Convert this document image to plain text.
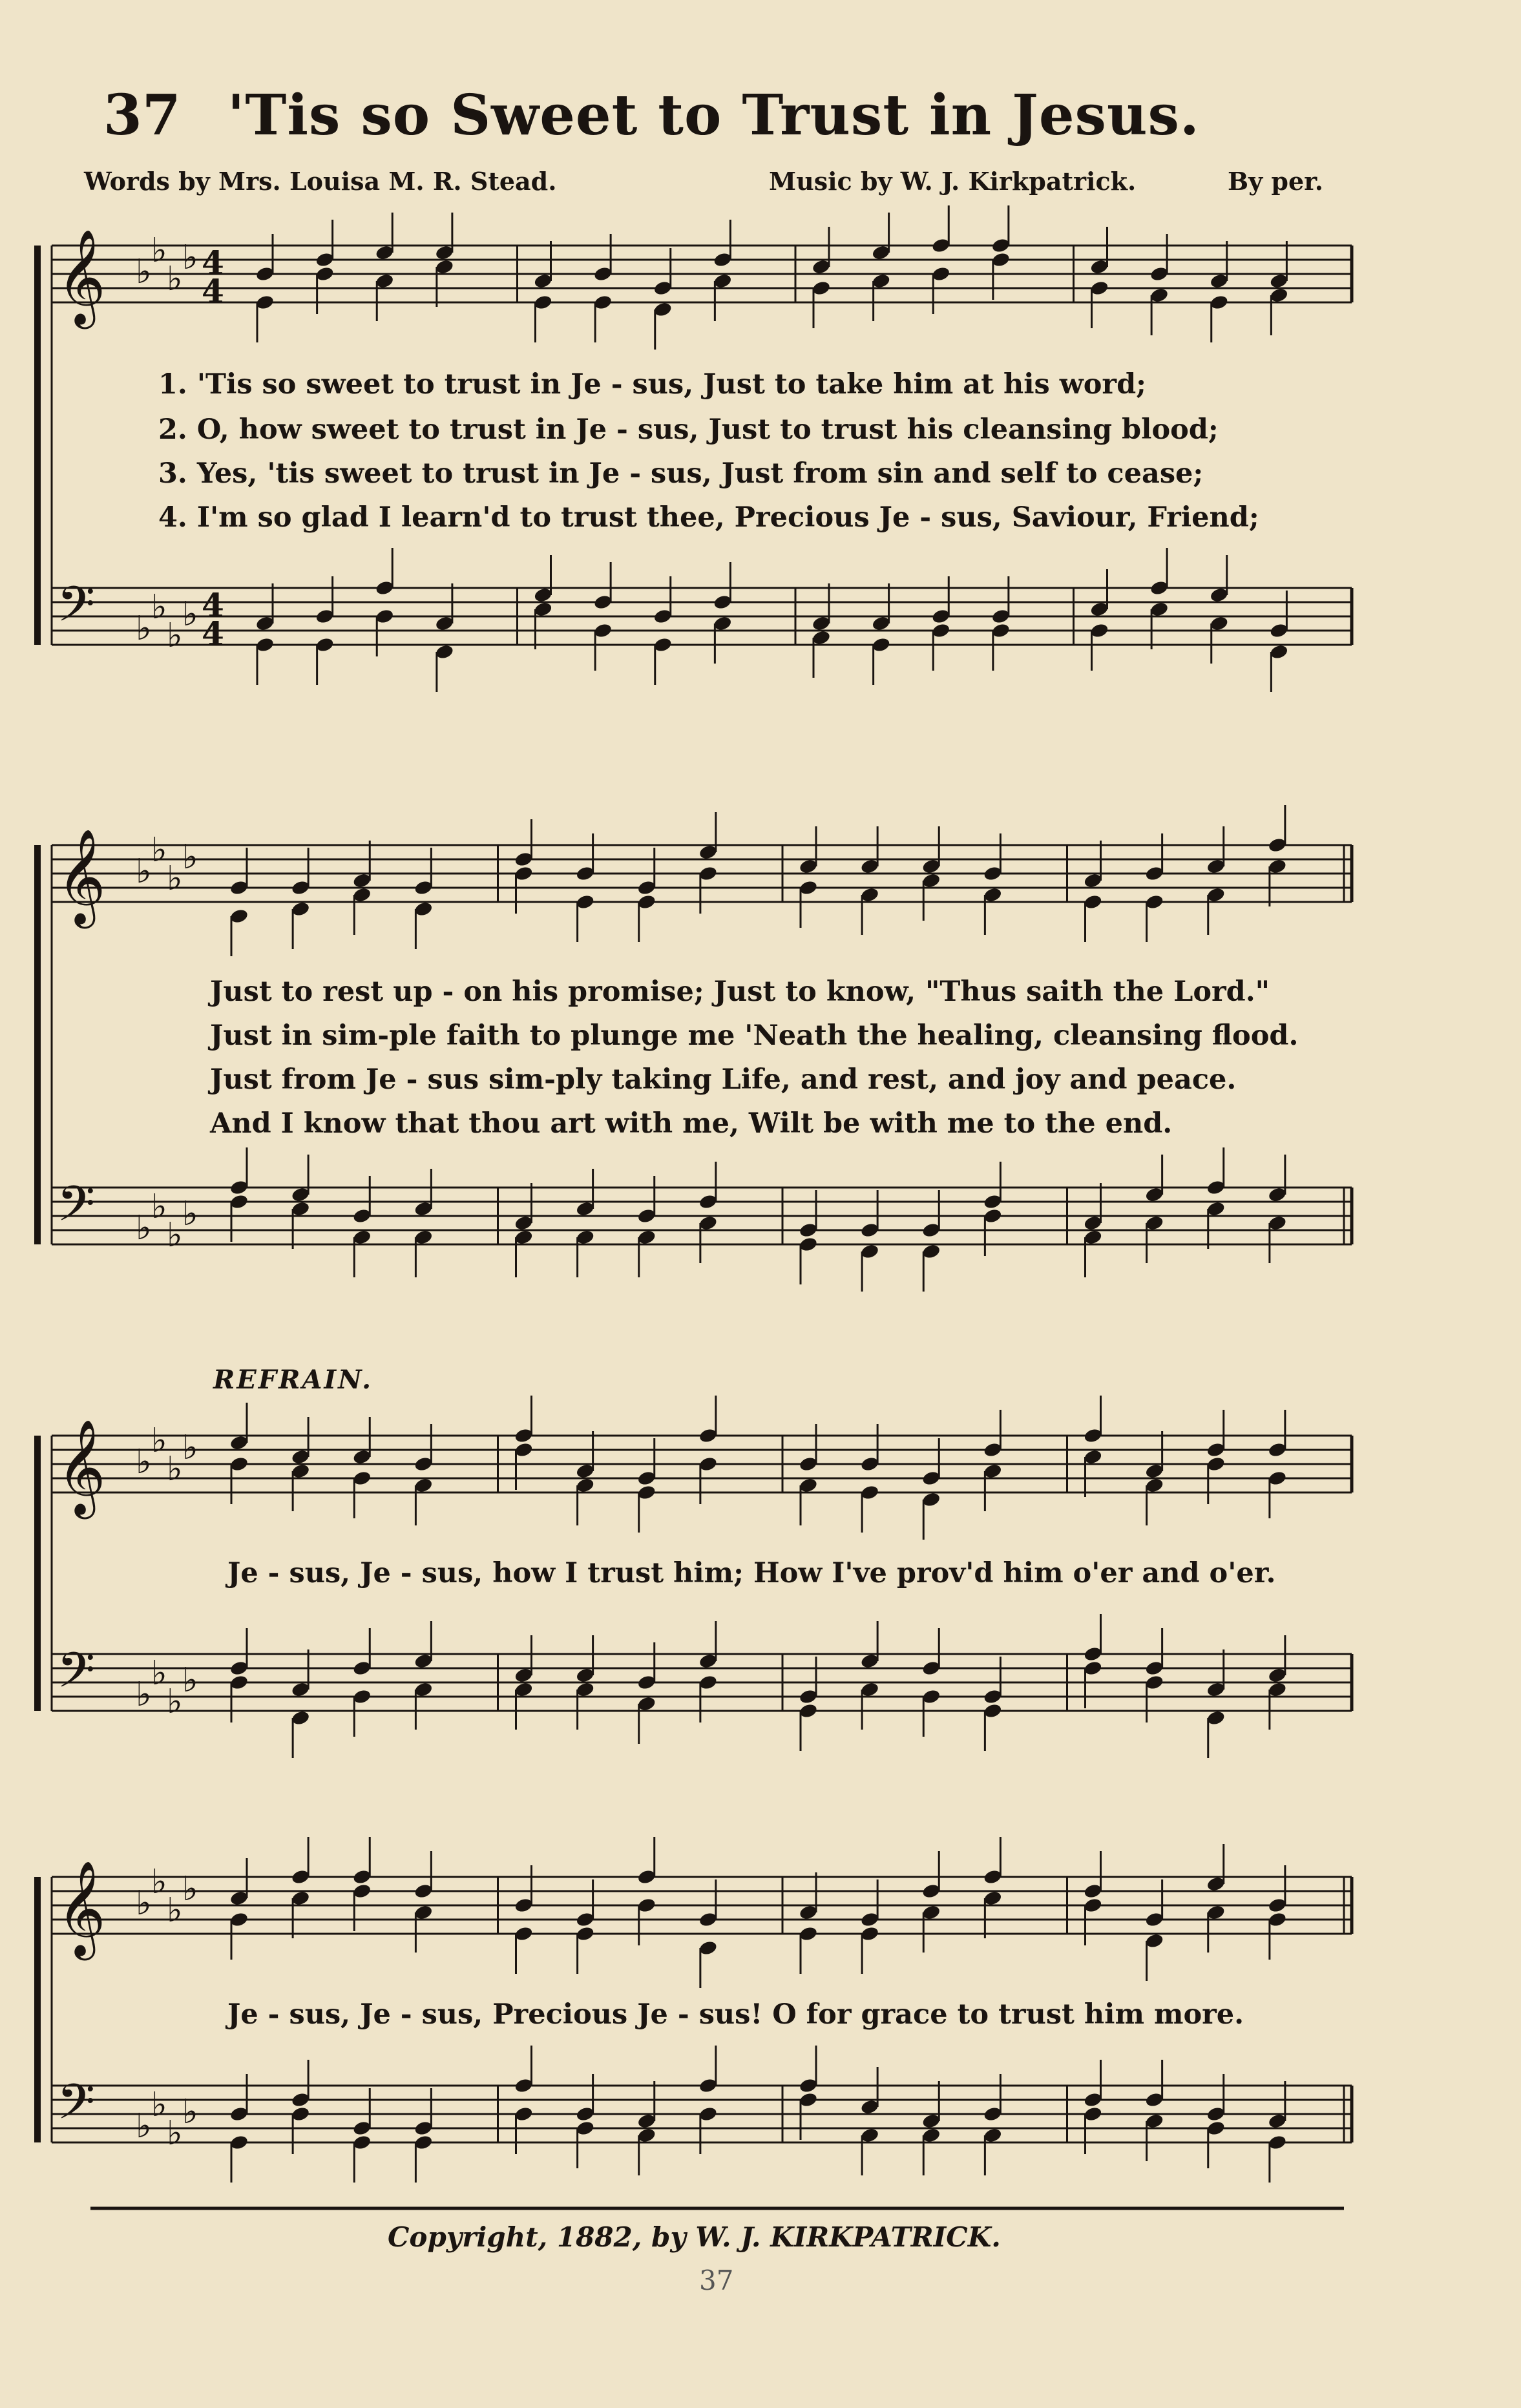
𝄞 ♭
♭
♭
♭ 4
4
𝄢 ♭
♭
♭
♭ 4
4
𝄞 ♭
♭
♭
♭
𝄢 ♭
♭
♭
♭
𝄞 ♭
♭
♭
♭
𝄢 ♭
♭
♭
♭
𝄞 ♭
♭
♭
♭
𝄢 ♭
♭
♭
♭
37 'Tis so Sweet to Trust in Jesus.
Words by Mrs. Louisa M. R. Stead.	Music by W. J. Kirkpatrick.	By per.
1. 'Tis so sweet to trust in Je - sus, Just to take him at his word;
2. O, how sweet to trust in Je - sus, Just to trust his cleansing blood;
3. Yes, 'tis sweet to trust in Je - sus, Just from sin and self to cease;
4. I'm so glad I learn'd to trust thee, Precious Je - sus, Saviour, Friend;
Just to rest up - on his promise; Just to know, "Thus saith the Lord."
Just in sim-ple faith to plunge me 'Neath the healing, cleansing flood.
Just from Je - sus sim-ply taking Life, and rest, and joy and peace.
And I know that thou art with me, Wilt be with me to the end.
REFRAIN.
Je - sus, Je - sus, how I trust him; How I've prov'd him o'er and o'er.
Je - sus, Je - sus, Precious Je - sus! O for grace to trust him more.
Copyright, 1882, by W. J. KIRKPATRICK.
37
